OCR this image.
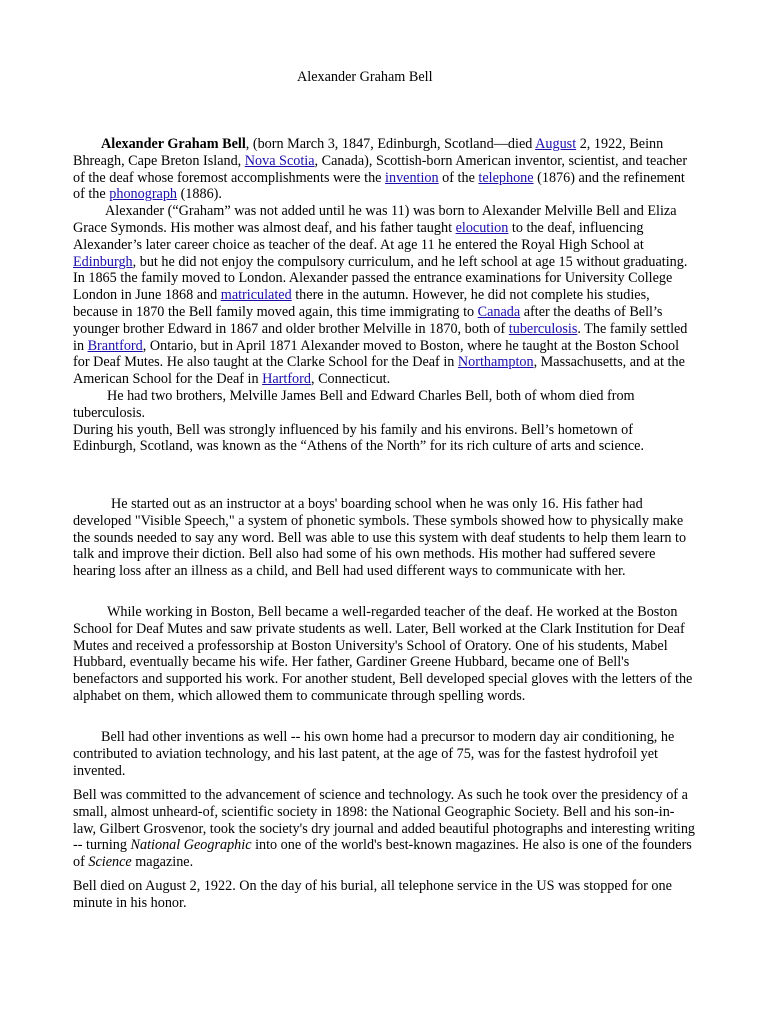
Alexander Graham Bell

Alexander Graham Bell, (born March 3, 1847, Edinburgh, Scotland—died August 2, 1922, Beinn Bhreagh, Cape Breton Island, Nova Scotia, Canada), Scottish-born American inventor, scientist, and teacher of the deaf whose foremost accomplishments were the invention of the telephone (1876) and the refinement of the phonograph (1886).

Alexander (“Graham” was not added until he was 11) was born to Alexander Melville Bell and Eliza Grace Symonds. His mother was almost deaf, and his father taught elocution to the deaf, influencing Alexander’s later career choice as teacher of the deaf. At age 11 he entered the Royal High School at Edinburgh, but he did not enjoy the compulsory curriculum, and he left school at age 15 without graduating. In 1865 the family moved to London. Alexander passed the entrance examinations for University College London in June 1868 and matriculated there in the autumn. However, he did not complete his studies, because in 1870 the Bell family moved again, this time immigrating to Canada after the deaths of Bell’s younger brother Edward in 1867 and older brother Melville in 1870, both of tuberculosis. The family settled in Brantford, Ontario, but in April 1871 Alexander moved to Boston, where he taught at the Boston School for Deaf Mutes. He also taught at the Clarke School for the Deaf in Northampton, Massachusetts, and at the American School for the Deaf in Hartford, Connecticut.

He had two brothers, Melville James Bell and Edward Charles Bell, both of whom died from tuberculosis.

During his youth, Bell was strongly influenced by his family and his environs. Bell’s hometown of Edinburgh, Scotland, was known as the “Athens of the North” for its rich culture of arts and science.

He started out as an instructor at a boys' boarding school when he was only 16. His father had developed "Visible Speech," a system of phonetic symbols. These symbols showed how to physically make the sounds needed to say any word. Bell was able to use this system with deaf students to help them learn to talk and improve their diction. Bell also had some of his own methods. His mother had suffered severe hearing loss after an illness as a child, and Bell had used different ways to communicate with her.

While working in Boston, Bell became a well-regarded teacher of the deaf. He worked at the Boston School for Deaf Mutes and saw private students as well. Later, Bell worked at the Clark Institution for Deaf Mutes and received a professorship at Boston University's School of Oratory. One of his students, Mabel Hubbard, eventually became his wife. Her father, Gardiner Greene Hubbard, became one of Bell's benefactors and supported his work. For another student, Bell developed special gloves with the letters of the alphabet on them, which allowed them to communicate through spelling words.

Bell had other inventions as well -- his own home had a precursor to modern day air conditioning, he contributed to aviation technology, and his last patent, at the age of 75, was for the fastest hydrofoil yet invented.

Bell was committed to the advancement of science and technology. As such he took over the presidency of a small, almost unheard-of, scientific society in 1898: the National Geographic Society. Bell and his son-in-law, Gilbert Grosvenor, took the society's dry journal and added beautiful photographs and interesting writing -- turning National Geographic into one of the world's best-known magazines. He also is one of the founders of Science magazine.

Bell died on August 2, 1922. On the day of his burial, all telephone service in the US was stopped for one minute in his honor.
